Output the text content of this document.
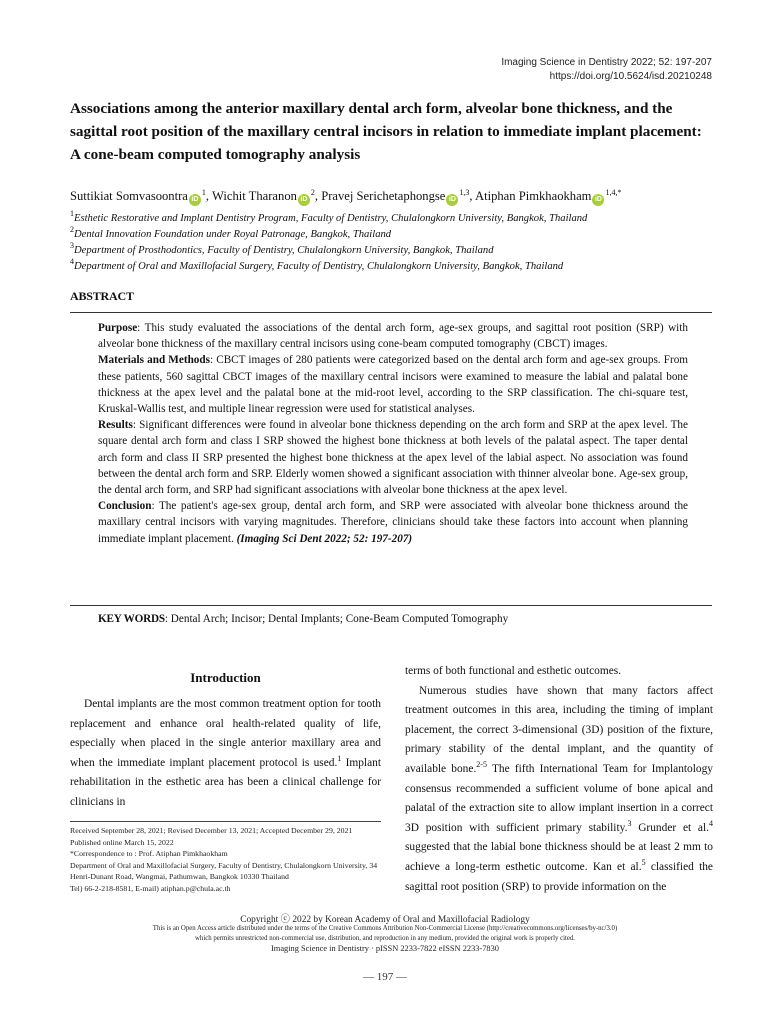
Imaging Science in Dentistry 2022; 52: 197-207
https://doi.org/10.5624/isd.20210248
Associations among the anterior maxillary dental arch form, alveolar bone thickness, and the sagittal root position of the maxillary central incisors in relation to immediate implant placement: A cone-beam computed tomography analysis
Suttikiat Somvasoontra $iD^1$, Wichit Tharanon $iD^2$, Pravej Serichetaphongse iD$^{1,3}$, Atiphan Pimkhaokham $iD^{1,4,*}$
$^1$Esthetic Restorative and Implant Dentistry Program, Faculty of Dentistry, Chulalongkorn University, Bangkok, Thailand
$^2$Dental Innovation Foundation under Royal Patronage, Bangkok, Thailand
$^3$Department of Prosthodontics, Faculty of Dentistry, Chulalongkorn University, Bangkok, Thailand
$^4$Department of Oral and Maxillofacial Surgery, Faculty of Dentistry, Chulalongkorn University, Bangkok, Thailand
ABSTRACT

Purpose: This study evaluated the associations of the dental arch form, age-sex groups, and sagittal root position (SRP) with alveolar bone thickness of the maxillary central incisors using cone-beam computed tomography (CBCT) images.

Materials and Methods: CBCT images of 280 patients were categorized based on the dental arch form and age-sex groups. From these patients, 560 sagittal CBCT images of the maxillary central incisors were examined to measure the labial and palatal bone thickness at the apex level and the palatal bone at the mid-root level, according to the SRP classification. The chi-square test, Kruskal-Wallis test, and multiple linear regression were used for statistical analyses.

Results: Significant differences were found in alveolar bone thickness depending on the arch form and SRP at the apex level. The square dental arch form and class I SRP showed the highest bone thickness at both levels of the palatal aspect. The taper dental arch form and class II SRP presented the highest bone thickness at the apex level of the labial aspect. No association was found between the dental arch form and SRP. Elderly women showed a significant association with thinner alveolar bone. Age-sex group, the dental arch form, and SRP had significant associations with alveolar bone thickness at the apex level.

Conclusion: The patient's age-sex group, dental arch form, and SRP were associated with alveolar bone thickness around the maxillary central incisors with varying magnitudes. Therefore, clinicians should take these factors into account when planning immediate implant placement. (Imaging Sci Dent 2022; 52: 197-207)

KEY WORDS: Dental Arch; Incisor; Dental Implants; Cone-Beam Computed Tomography
Introduction
Dental implants are the most common treatment option for tooth replacement and enhance oral health-related quality of life, especially when placed in the single anterior maxillary area and when the immediate implant placement protocol is used.$^1$ Implant rehabilitation in the esthetic area has been a clinical challenge for clinicians in
Received September 28, 2021; Revised December 13, 2021; Accepted December 29, 2021
Published online March 15, 2022
*Correspondence to : Prof. Atiphan Pimkhaokham
Department of Oral and Maxillofacial Surgery, Faculty of Dentistry, Chulalongkorn University, 34 Henri-Dunant Road, Wangmai, Pathumwan, Bangkok 10330 Thailand
Tel) 66-2-218-8581, E-mail) atiphan.p@chula.ac.th

terms of both functional and esthetic outcomes.

Numerous studies have shown that many factors affect treatment outcomes in this area, including the timing of implant placement, the correct 3-dimensional (3D) position of the fixture, primary stability of the dental implant, and the quantity of available bone.$^{2-5}$ The fifth International Team for Implantology consensus recommended a sufficient volume of bone apical and palatal of the extraction site to allow implant insertion in a correct 3D position with sufficient primary stability.$^3$ Grunder et al.$^4$ suggested that the labial bone thickness should be at least 2 mm to achieve a long-term esthetic outcome. Kan et al.$^5$ classified the sagittal root position (SRP) to provide information on the

Copyright ⓒ 2022 by Korean Academy of Oral and Maxillofacial Radiology
This is an Open Access article distributed under the terms of the Creative Commons Attribution Non-Commercial License (http://creativecommons.org/licenses/by-nc/3.0)
which permits unrestricted non-commercial use, distribution, and reproduction in any medium, provided the original work is properly cited.
Imaging Science in Dentistry · pISSN 2233-7822 eISSN 2233-7830
— 197 —
